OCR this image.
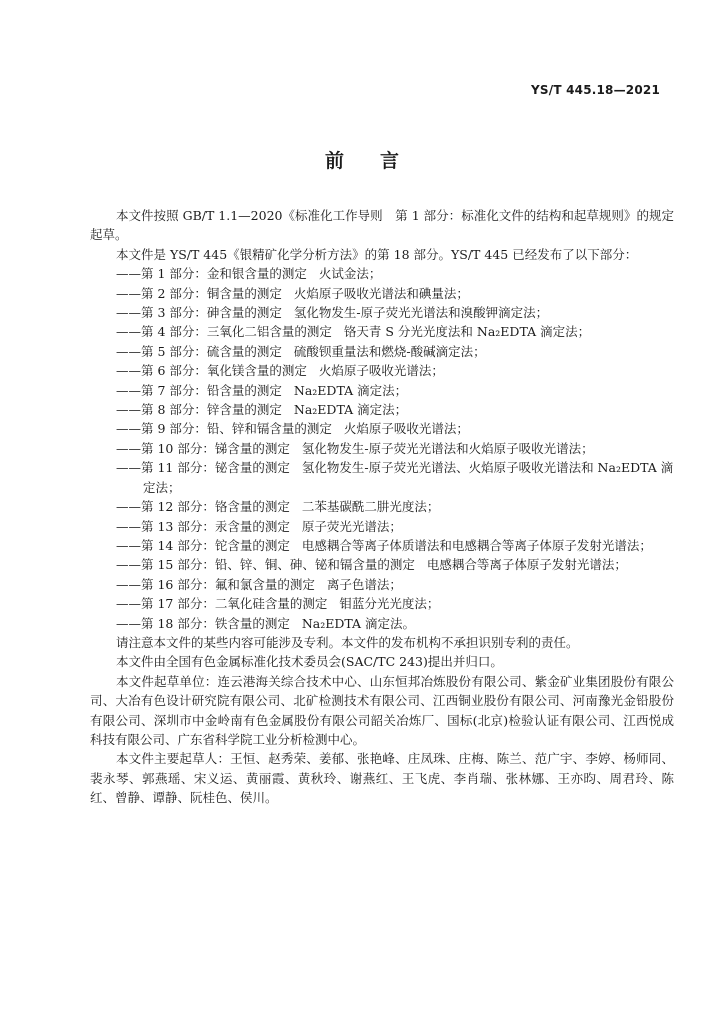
YS/T 445.18—2021
前言

本文件按照 GB/T 1.1—2020《标准化工作导则　第 1 部分：标准化文件的结构和起草规则》的规定起草。

本文件是 YS/T 445《银精矿化学分析方法》的第 18 部分。YS/T 445 已经发布了以下部分：

——第 1 部分：金和银含量的测定 火试金法；

——第 2 部分：铜含量的测定 火焰原子吸收光谱法和碘量法；

——第 3 部分：砷含量的测定 氢化物发生-原子荧光光谱法和溴酸钾滴定法；

——第 4 部分：三氧化二铝含量的测定 铬天青 S 分光光度法和 Na₂EDTA 滴定法；

——第 5 部分：硫含量的测定 硫酸钡重量法和燃烧-酸碱滴定法；

——第 6 部分：氧化镁含量的测定 火焰原子吸收光谱法；

——第 7 部分：铅含量的测定 Na₂EDTA 滴定法；

——第 8 部分：锌含量的测定 Na₂EDTA 滴定法；

——第 9 部分：铅、锌和镉含量的测定 火焰原子吸收光谱法；

——第 10 部分：锑含量的测定 氢化物发生-原子荧光光谱法和火焰原子吸收光谱法；

——第 11 部分：铋含量的测定 氢化物发生-原子荧光光谱法、火焰原子吸收光谱法和 Na₂EDTA 滴定法；

——第 12 部分：铬含量的测定 二苯基碳酰二肼光度法；

——第 13 部分：汞含量的测定 原子荧光光谱法；

——第 14 部分：铊含量的测定 电感耦合等离子体质谱法和电感耦合等离子体原子发射光谱法；

——第 15 部分：铅、锌、铜、砷、铋和镉含量的测定 电感耦合等离子体原子发射光谱法；

——第 16 部分：氟和氯含量的测定 离子色谱法；

——第 17 部分：二氧化硅含量的测定 钼蓝分光光度法；

——第 18 部分：铁含量的测定 Na₂EDTA 滴定法。

请注意本文件的某些内容可能涉及专利。本文件的发布机构不承担识别专利的责任。

本文件由全国有色金属标准化技术委员会(SAC/TC 243)提出并归口。

本文件起草单位：连云港海关综合技术中心、山东恒邦冶炼股份有限公司、紫金矿业集团股份有限公司、大冶有色设计研究院有限公司、北矿检测技术有限公司、江西铜业股份有限公司、河南豫光金铅股份有限公司、深圳市中金岭南有色金属股份有限公司韶关冶炼厂、国标(北京)检验认证有限公司、江西悦成科技有限公司、广东省科学院工业分析检测中心。

本文件主要起草人：王恒、赵秀荣、姜郁、张艳峰、庄凤珠、庄梅、陈兰、范广宇、李婷、杨师同、裴永琴、郭燕瑶、宋义运、黄丽霞、黄秋玲、谢燕红、王飞虎、李肖瑞、张林娜、王亦昀、周君玲、陈红、曾静、谭静、阮桂色、侯川。
